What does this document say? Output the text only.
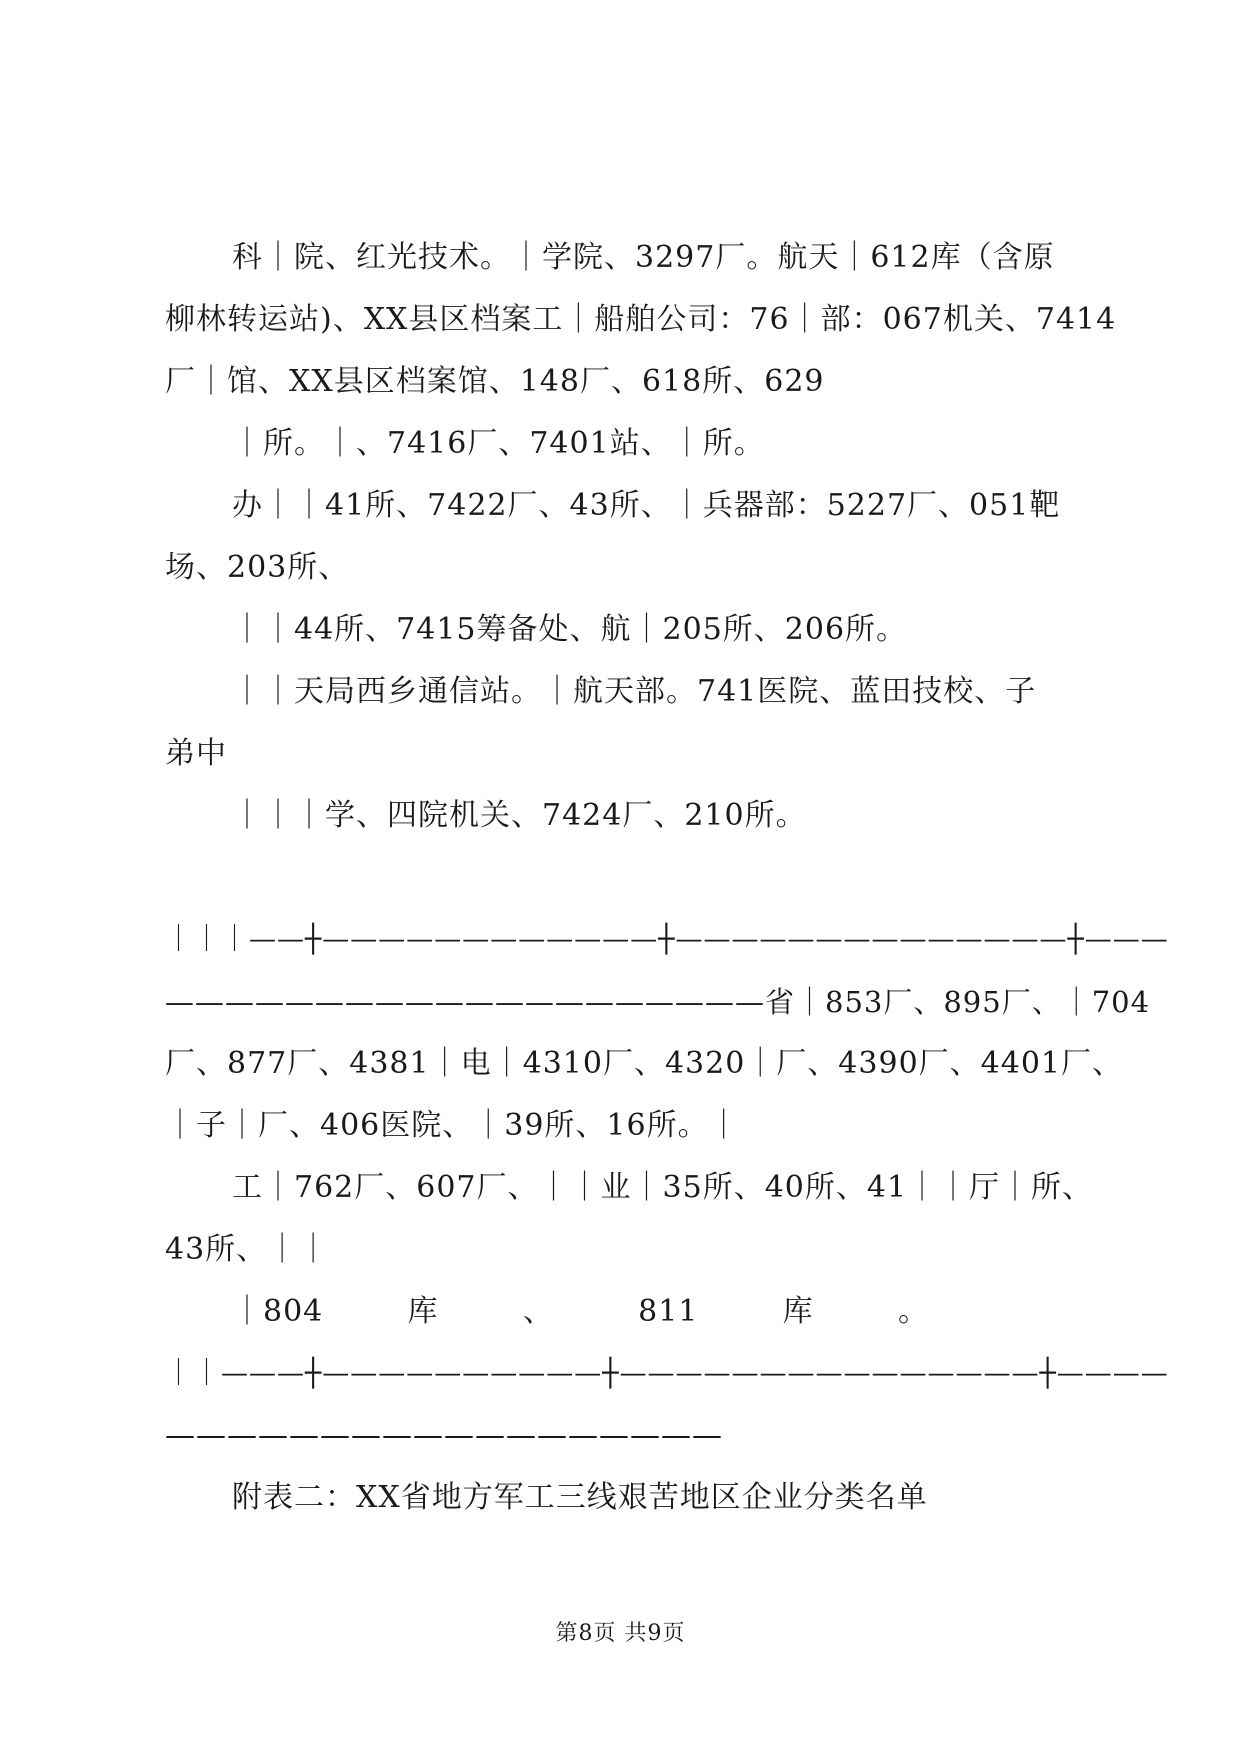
科｜院、红光技术。｜学院、3297厂。航天｜612库（含原
柳林转运站)、XX县区档案工｜船舶公司：76｜部：067机关、7414
厂｜馆、XX县区档案馆、148厂、618所、629
｜所。｜、7416厂、7401站、｜所。
办｜｜41所、7422厂、43所、｜兵器部：5227厂、051靶
场、203所、
｜｜44所、7415筹备处、航｜205所、206所。
｜｜天局西乡通信站。｜航天部。741医院、蓝田技校、子
弟中
｜｜｜学、四院机关、7424厂、210所。
｜｜｜——┼————————————┼——————————————┼———
————————————————————省｜853厂、895厂、｜704
厂、877厂、4381｜电｜4310厂、4320｜厂、4390厂、4401厂、
｜子｜厂、406医院、｜39所、16所。｜
工｜762厂、607厂、｜｜业｜35所、40所、41｜｜厅｜所、
43所、｜｜
｜804        库        、        811        库        。
｜｜———┼——————————┼———————————————┼————
——————————————————
附表二：XX省地方军工三线艰苦地区企业分类名单
第8页 共9页
